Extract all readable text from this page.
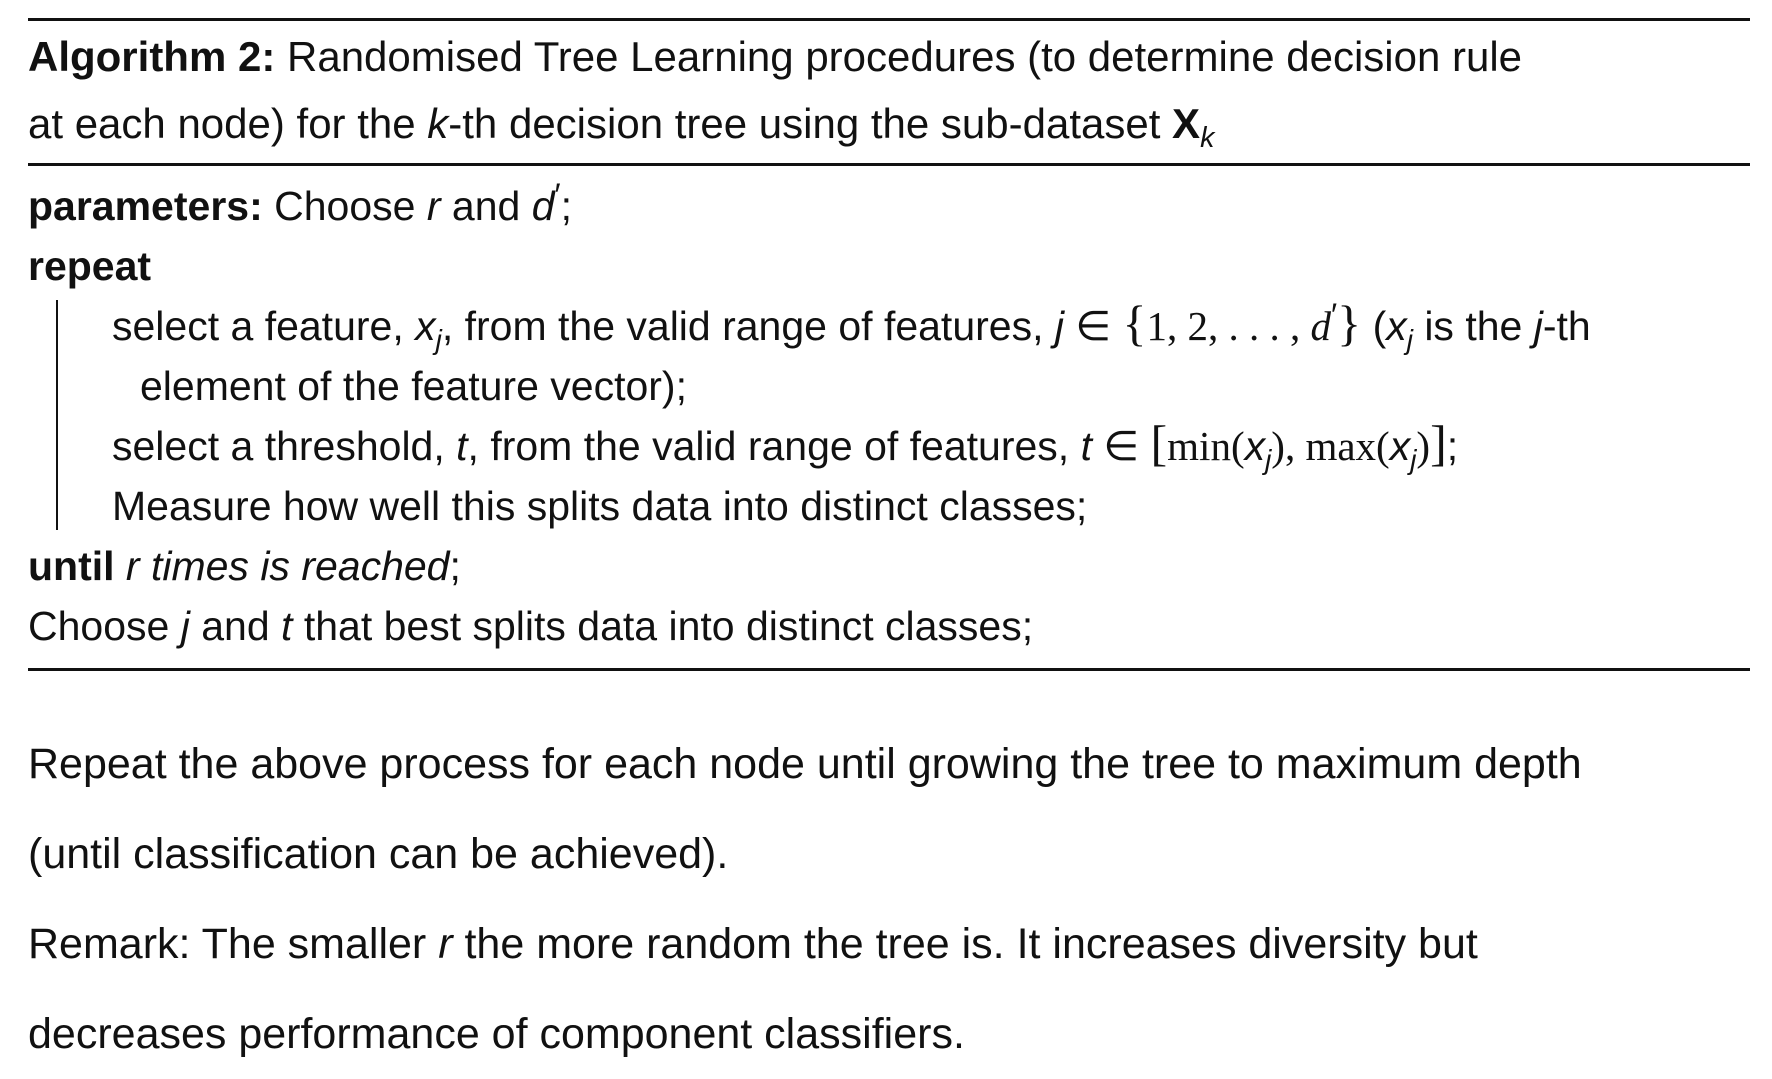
Algorithm 2: Randomised Tree Learning procedures (to determine decision rule
at each node) for the k-th decision tree using the sub-dataset $X_k$
parameters: Choose r and d′;
repeat
select a feature, $x_j$, from the valid range of features, j ∈ {1, 2, . . . , d′} ($x_j$ is the j-th
element of the feature vector);
select a threshold, t, from the valid range of features, t ∈ [$\min(x_j)$, $\max(x_j)$];
Measure how well this splits data into distinct classes;
until r times is reached;
Choose j and t that best splits data into distinct classes;

Repeat the above process for each node until growing the tree to maximum depth

(until classification can be achieved).

Remark: The smaller r the more random the tree is. It increases diversity but

decreases performance of component classifiers.
